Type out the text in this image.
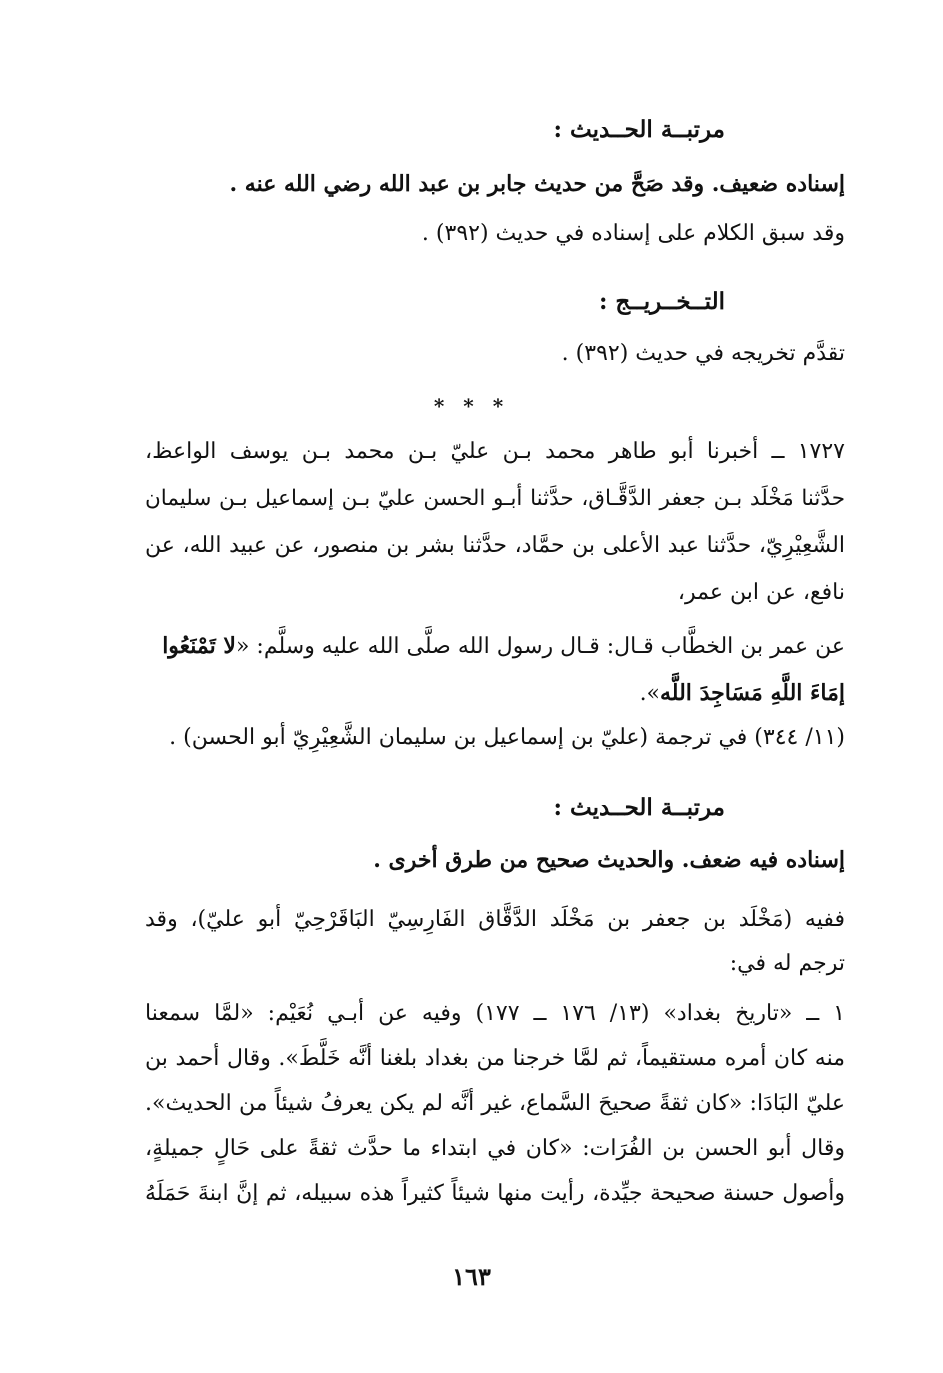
مرتبــة الحــديث :
إسناده ضعيف. وقد صَحَّ من حديث جابر بن عبد الله رضي الله عنه .
وقد سبق الكلام على إسناده في حديث (٣٩٢) .
التــخــريــج :
تقدَّم تخريجه في حديث (٣٩٢) .
* * *
١٧٢٧ ــ أخبرنا أبو طاهر محمد بـن عليّ بـن محمد بـن يوسف الواعظ،
حدَّثنا مَخْلَد بـن جعفر الدَّقَّـاق، حدَّثنا أبـو الحسن عليّ بـن إسماعيل بـن سليمان
الشَّعِيْرِيّ، حدَّثنا عبد الأعلى بن حمَّاد، حدَّثنا بشر بن منصور، عن عبيد الله، عن
نافع، عن ابن عمر،
عن عمر بن الخطَّاب قـال: قـال رسول الله صلَّى الله عليه وسلَّم: «لا تَمْنَعُوا
إمَاءَ اللَّهِ مَسَاجِدَ اللَّه».
(١١/ ٣٤٤) في ترجمة (عليّ بن إسماعيل بن سليمان الشَّعِيْرِيّ أبو الحسن) .
مرتبــة الحــديث :
إسناده فيه ضعف. والحديث صحيح من طرق أخرى .
ففيه (مَخْلَد بن جعفر بن مَخْلَد الدَّقَّاق الفَارِسِيّ البَاقَرْحِيّ أبو عليّ)، وقد
ترجم له في:
١ ــ «تاريخ بغداد» (١٣/ ١٧٦ ــ ١٧٧) وفيه عن أبـي نُعَيْم: «لمَّا سمعنا
منه كان أمره مستقيماً، ثم لمَّا خرجنا من بغداد بلغنا أنَّه خَلَّطَ». وقال أحمد بن
عليّ البَادَا: «كان ثقةً صحيحَ السَّماع، غير أنَّه لم يكن يعرفُ شيئاً من الحديث».
وقال أبو الحسن بن الفُرَات: «كان في ابتداء ما حدَّث ثقةً على حَالٍ جميلةٍ،
وأصول حسنة صحيحة جيِّدة، رأيت منها شيئاً كثيراً هذه سبيله، ثم إنَّ ابنةَ حَمَلَهُ
١٦٣
